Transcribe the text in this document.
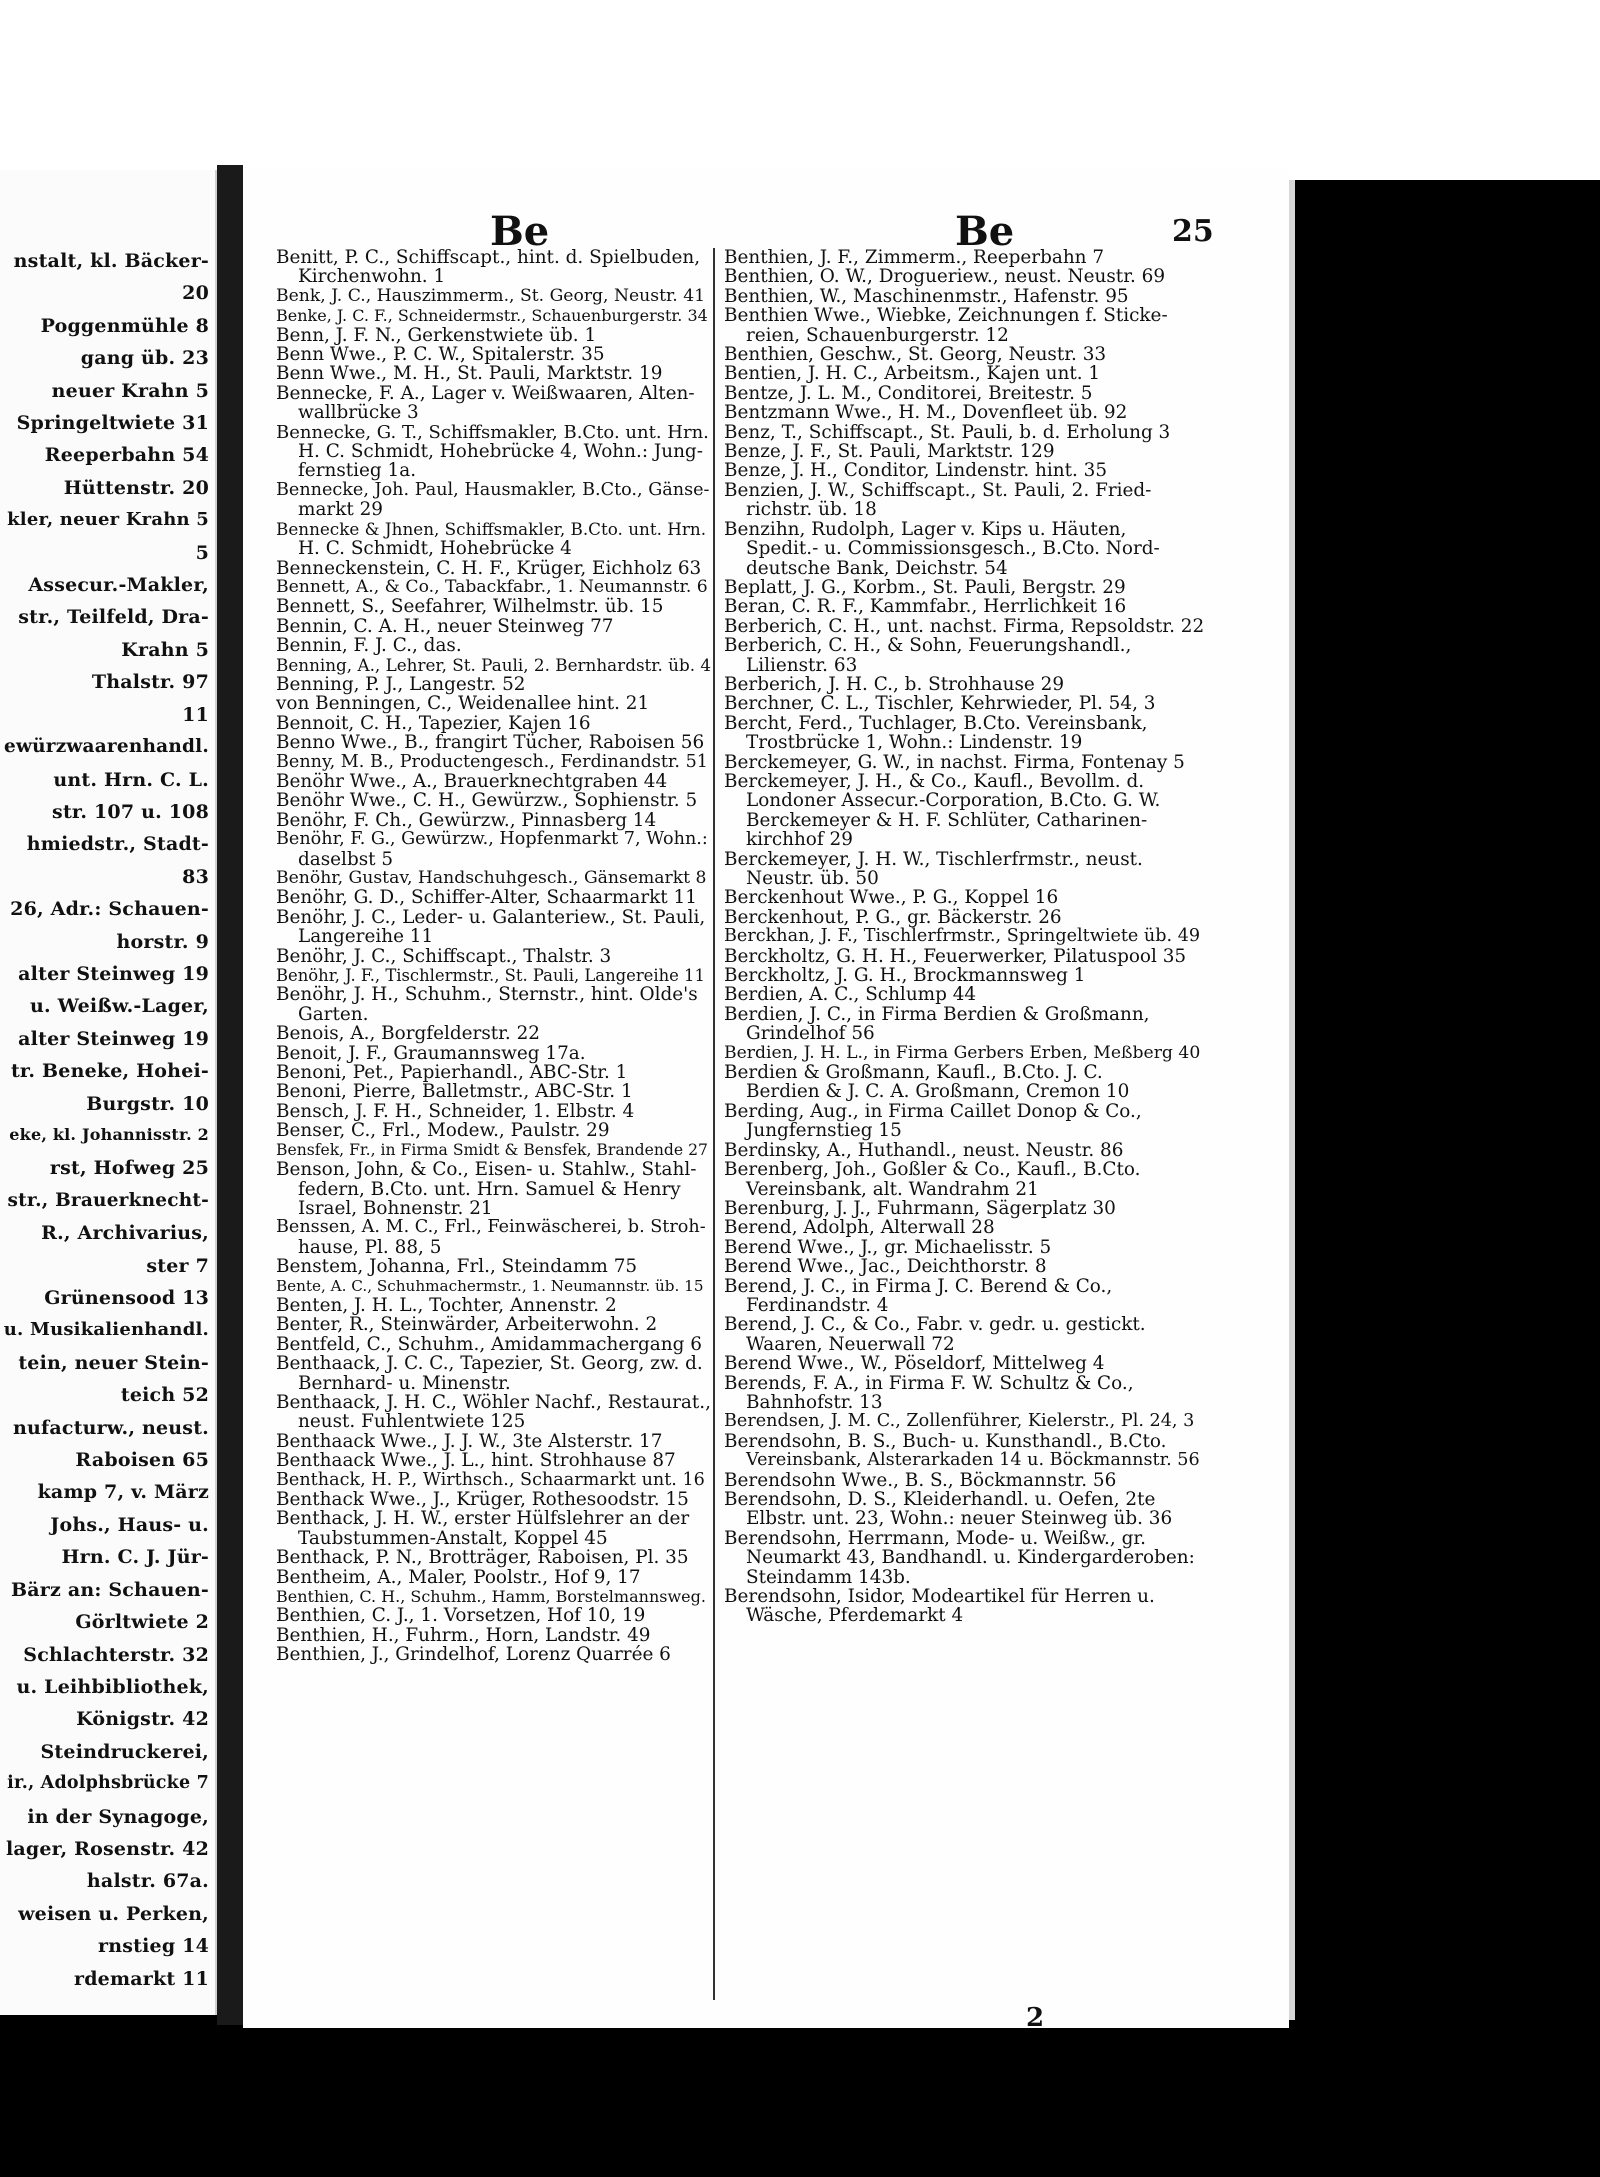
nstalt, kl. Bäcker-
20
Poggenmühle 8
gang üb. 23
neuer Krahn 5
Springeltwiete 31
Reeperbahn 54
Hüttenstr. 20
kler, neuer Krahn 5
5
Assecur.-Makler,
str., Teilfeld, Dra-
Krahn 5
Thalstr. 97
11
ewürzwaarenhandl.
unt. Hrn. C. L.
str. 107 u. 108
hmiedstr., Stadt-
83
26, Adr.: Schauen-
horstr. 9
alter Steinweg 19
u. Weißw.-Lager,
alter Steinweg 19
tr. Beneke, Hohei-
Burgstr. 10
eke, kl. Johannisstr. 2
rst, Hofweg 25
str., Brauerknecht-
R., Archivarius,
ster 7
Grünensood 13
u. Musikalienhandl.
tein, neuer Stein-
teich 52
nufacturw., neust.
Raboisen 65
kamp 7, v. März
Johs., Haus- u.
Hrn. C. J. Jür-
Bärz an: Schauen-
Görltwiete 2
Schlachterstr. 32
u. Leihbibliothek,
Königstr. 42
Steindruckerei,
ir., Adolphsbrücke 7
in der Synagoge,
lager, Rosenstr. 42
halstr. 67a.
weisen u. Perken,
rnstieg 14
rdemarkt 11
Be	Be	25
Benitt, P. C., Schiffscapt., hint. d. Spielbuden,
Kirchenwohn. 1
Benk, J. C., Hauszimmerm., St. Georg, Neustr. 41
Benke, J. C. F., Schneidermstr., Schauenburgerstr. 34
Benn, J. F. N., Gerkenstwiete üb. 1
Benn Wwe., P. C. W., Spitalerstr. 35
Benn Wwe., M. H., St. Pauli, Marktstr. 19
Bennecke, F. A., Lager v. Weißwaaren, Alten-
wallbrücke 3
Bennecke, G. T., Schiffsmakler, B.Cto. unt. Hrn.
H. C. Schmidt, Hohebrücke 4, Wohn.: Jung-
fernstieg 1a.
Bennecke, Joh. Paul, Hausmakler, B.Cto., Gänse-
markt 29
Bennecke & Jhnen, Schiffsmakler, B.Cto. unt. Hrn.
H. C. Schmidt, Hohebrücke 4
Benneckenstein, C. H. F., Krüger, Eichholz 63
Bennett, A., & Co., Tabackfabr., 1. Neumannstr. 6
Bennett, S., Seefahrer, Wilhelmstr. üb. 15
Bennin, C. A. H., neuer Steinweg 77
Bennin, F. J. C., das.
Benning, A., Lehrer, St. Pauli, 2. Bernhardstr. üb. 4
Benning, P. J., Langestr. 52
von Benningen, C., Weidenallee hint. 21
Bennoit, C. H., Tapezier, Kajen 16
Benno Wwe., B., frangirt Tücher, Raboisen 56
Benny, M. B., Productengesch., Ferdinandstr. 51
Benöhr Wwe., A., Brauerknechtgraben 44
Benöhr Wwe., C. H., Gewürzw., Sophienstr. 5
Benöhr, F. Ch., Gewürzw., Pinnasberg 14
Benöhr, F. G., Gewürzw., Hopfenmarkt 7, Wohn.:
daselbst 5
Benöhr, Gustav, Handschuhgesch., Gänsemarkt 8
Benöhr, G. D., Schiffer-Alter, Schaarmarkt 11
Benöhr, J. C., Leder- u. Galanteriew., St. Pauli,
Langereihe 11
Benöhr, J. C., Schiffscapt., Thalstr. 3
Benöhr, J. F., Tischlermstr., St. Pauli, Langereihe 11
Benöhr, J. H., Schuhm., Sternstr., hint. Olde's
Garten.
Benois, A., Borgfelderstr. 22
Benoit, J. F., Graumannsweg 17a.
Benoni, Pet., Papierhandl., ABC-Str. 1
Benoni, Pierre, Balletmstr., ABC-Str. 1
Bensch, J. F. H., Schneider, 1. Elbstr. 4
Benser, C., Frl., Modew., Paulstr. 29
Bensfek, Fr., in Firma Smidt & Bensfek, Brandende 27
Benson, John, & Co., Eisen- u. Stahlw., Stahl-
federn, B.Cto. unt. Hrn. Samuel & Henry
Israel, Bohnenstr. 21
Benssen, A. M. C., Frl., Feinwäscherei, b. Stroh-
hause, Pl. 88, 5
Benstem, Johanna, Frl., Steindamm 75
Bente, A. C., Schuhmachermstr., 1. Neumannstr. üb. 15
Benten, J. H. L., Tochter, Annenstr. 2
Benter, R., Steinwärder, Arbeiterwohn. 2
Bentfeld, C., Schuhm., Amidammachergang 6
Benthaack, J. C. C., Tapezier, St. Georg, zw. d.
Bernhard- u. Minenstr.
Benthaack, J. H. C., Wöhler Nachf., Restaurat.,
neust. Fuhlentwiete 125
Benthaack Wwe., J. J. W., 3te Alsterstr. 17
Benthaack Wwe., J. L., hint. Strohhause 87
Benthack, H. P., Wirthsch., Schaarmarkt unt. 16
Benthack Wwe., J., Krüger, Rothesoodstr. 15
Benthack, J. H. W., erster Hülfslehrer an der
Taubstummen-Anstalt, Koppel 45
Benthack, P. N., Brotträger, Raboisen, Pl. 35
Bentheim, A., Maler, Poolstr., Hof 9, 17
Benthien, C. H., Schuhm., Hamm, Borstelmannsweg.
Benthien, C. J., 1. Vorsetzen, Hof 10, 19
Benthien, H., Fuhrm., Horn, Landstr. 49
Benthien, J., Grindelhof, Lorenz Quarrée 6
Benthien, J. F., Zimmerm., Reeperbahn 7
Benthien, O. W., Drogueriew., neust. Neustr. 69
Benthien, W., Maschinenmstr., Hafenstr. 95
Benthien Wwe., Wiebke, Zeichnungen f. Sticke-
reien, Schauenburgerstr. 12
Benthien, Geschw., St. Georg, Neustr. 33
Bentien, J. H. C., Arbeitsm., Kajen unt. 1
Bentze, J. L. M., Conditorei, Breitestr. 5
Bentzmann Wwe., H. M., Dovenfleet üb. 92
Benz, T., Schiffscapt., St. Pauli, b. d. Erholung 3
Benze, J. F., St. Pauli, Marktstr. 129
Benze, J. H., Conditor, Lindenstr. hint. 35
Benzien, J. W., Schiffscapt., St. Pauli, 2. Fried-
richstr. üb. 18
Benzihn, Rudolph, Lager v. Kips u. Häuten,
Spedit.- u. Commissionsgesch., B.Cto. Nord-
deutsche Bank, Deichstr. 54
Beplatt, J. G., Korbm., St. Pauli, Bergstr. 29
Beran, C. R. F., Kammfabr., Herrlichkeit 16
Berberich, C. H., unt. nachst. Firma, Repsoldstr. 22
Berberich, C. H., & Sohn, Feuerungshandl.,
Lilienstr. 63
Berberich, J. H. C., b. Strohhause 29
Berchner, C. L., Tischler, Kehrwieder, Pl. 54, 3
Bercht, Ferd., Tuchlager, B.Cto. Vereinsbank,
Trostbrücke 1, Wohn.: Lindenstr. 19
Berckemeyer, G. W., in nachst. Firma, Fontenay 5
Berckemeyer, J. H., & Co., Kaufl., Bevollm. d.
Londoner Assecur.-Corporation, B.Cto. G. W.
Berckemeyer & H. F. Schlüter, Catharinen-
kirchhof 29
Berckemeyer, J. H. W., Tischlerfrmstr., neust.
Neustr. üb. 50
Berckenhout Wwe., P. G., Koppel 16
Berckenhout, P. G., gr. Bäckerstr. 26
Berckhan, J. F., Tischlerfrmstr., Springeltwiete üb. 49
Berckholtz, G. H. H., Feuerwerker, Pilatuspool 35
Berckholtz, J. G. H., Brockmannsweg 1
Berdien, A. C., Schlump 44
Berdien, J. C., in Firma Berdien & Großmann,
Grindelhof 56
Berdien, J. H. L., in Firma Gerbers Erben, Meßberg 40
Berdien & Großmann, Kaufl., B.Cto. J. C.
Berdien & J. C. A. Großmann, Cremon 10
Berding, Aug., in Firma Caillet Donop & Co.,
Jungfernstieg 15
Berdinsky, A., Huthandl., neust. Neustr. 86
Berenberg, Joh., Goßler & Co., Kaufl., B.Cto.
Vereinsbank, alt. Wandrahm 21
Berenburg, J. J., Fuhrmann, Sägerplatz 30
Berend, Adolph, Alterwall 28
Berend Wwe., J., gr. Michaelisstr. 5
Berend Wwe., Jac., Deichthorstr. 8
Berend, J. C., in Firma J. C. Berend & Co.,
Ferdinandstr. 4
Berend, J. C., & Co., Fabr. v. gedr. u. gestickt.
Waaren, Neuerwall 72
Berend Wwe., W., Pöseldorf, Mittelweg 4
Berends, F. A., in Firma F. W. Schultz & Co.,
Bahnhofstr. 13
Berendsen, J. M. C., Zollenführer, Kielerstr., Pl. 24, 3
Berendsohn, B. S., Buch- u. Kunsthandl., B.Cto.
Vereinsbank, Alsterarkaden 14 u. Böckmannstr. 56
Berendsohn Wwe., B. S., Böckmannstr. 56
Berendsohn, D. S., Kleiderhandl. u. Oefen, 2te
Elbstr. unt. 23, Wohn.: neuer Steinweg üb. 36
Berendsohn, Herrmann, Mode- u. Weißw., gr.
Neumarkt 43, Bandhandl. u. Kindergarderoben:
Steindamm 143b.
Berendsohn, Isidor, Modeartikel für Herren u.
Wäsche, Pferdemarkt 4
2
